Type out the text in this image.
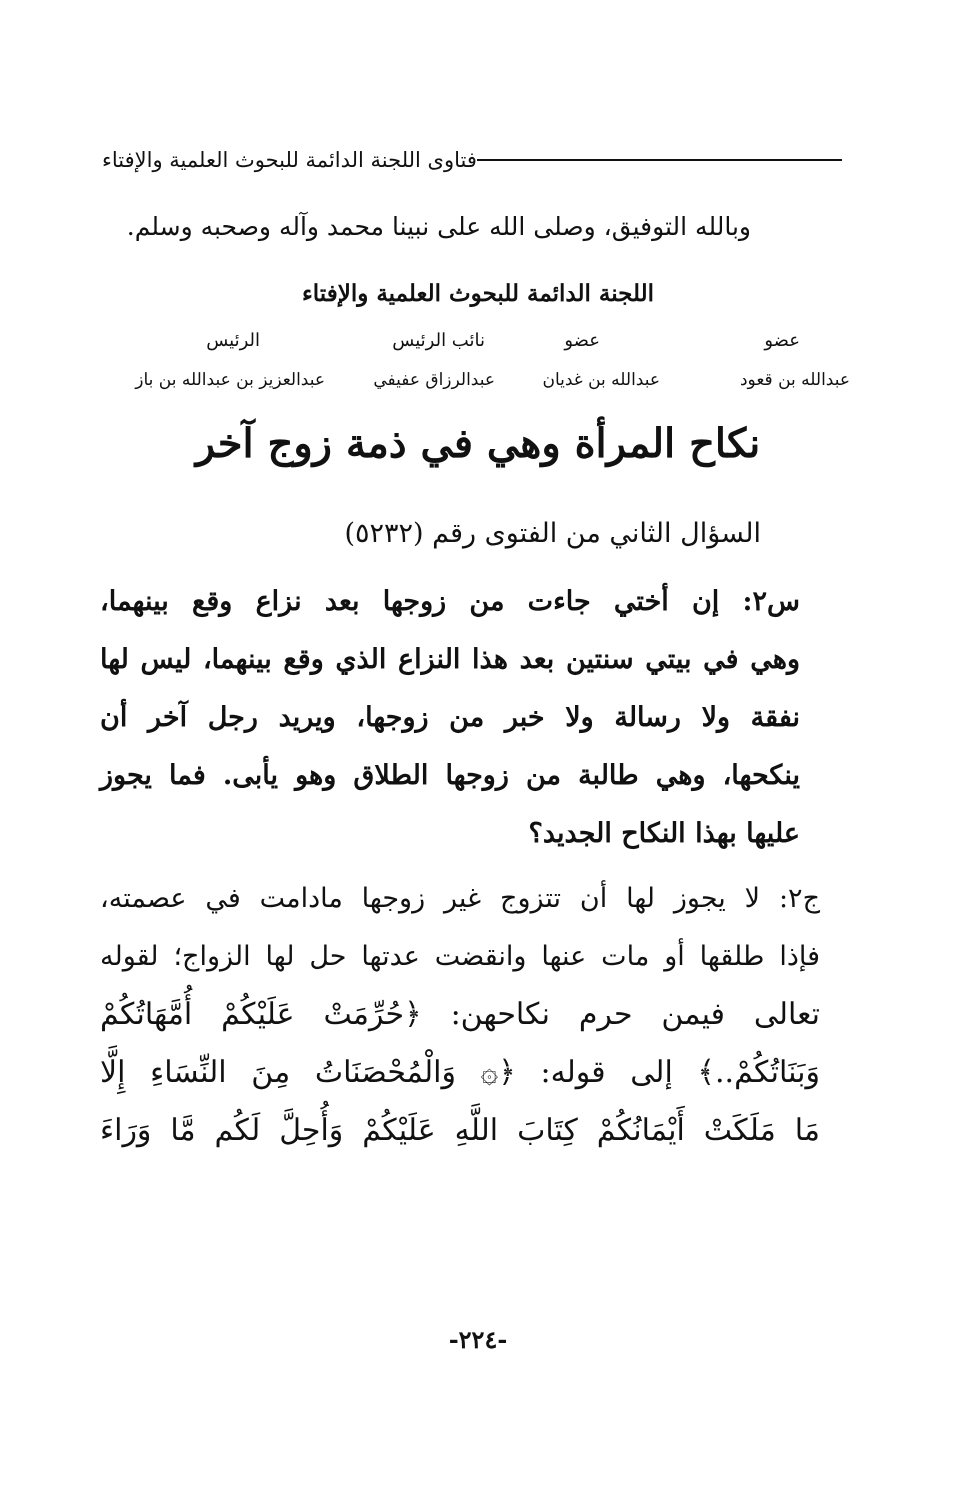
فتاوى اللجنة الدائمة للبحوث العلمية والإفتاء
وبالله التوفيق، وصلى الله على نبينا محمد وآله وصحبه وسلم.
اللجنة الدائمة للبحوث العلمية والإفتاء
عضو
عضو
نائب الرئيس
الرئيس
عبدالله بن قعود
عبدالله بن غديان
عبدالرزاق عفيفي
عبدالعزيز بن عبدالله بن باز
نكاح المرأة وهي في ذمة زوج آخر
السؤال الثاني من الفتوى رقم (٥٢٣٢)
س٢: إن أختي جاءت من زوجها بعد نزاع وقع بينهما،
وهي في بيتي سنتين بعد هذا النزاع الذي وقع بينهما، ليس لها
نفقة ولا رسالة ولا خبر من زوجها، ويريد رجل آخر أن
ينكحها، وهي طالبة من زوجها الطلاق وهو يأبى. فما يجوز
عليها بهذا النكاح الجديد؟
ج٢: لا يجوز لها أن تتزوج غير زوجها مادامت في عصمته،
فإذا طلقها أو مات عنها وانقضت عدتها حل لها الزواج؛ لقوله
تعالى فيمن حرم نكاحهن: ﴿حُرِّمَتْ عَلَيْكُمْ أُمَّهَاتُكُمْ
وَبَنَاتُكُمْ..﴾ إلى قوله: ﴿۞ وَالْمُحْصَنَاتُ مِنَ النِّسَاءِ إِلَّا
مَا مَلَكَتْ أَيْمَانُكُمْ كِتَابَ اللَّهِ عَلَيْكُمْ وَأُحِلَّ لَكُم مَّا وَرَاءَ
-٢٢٤-
